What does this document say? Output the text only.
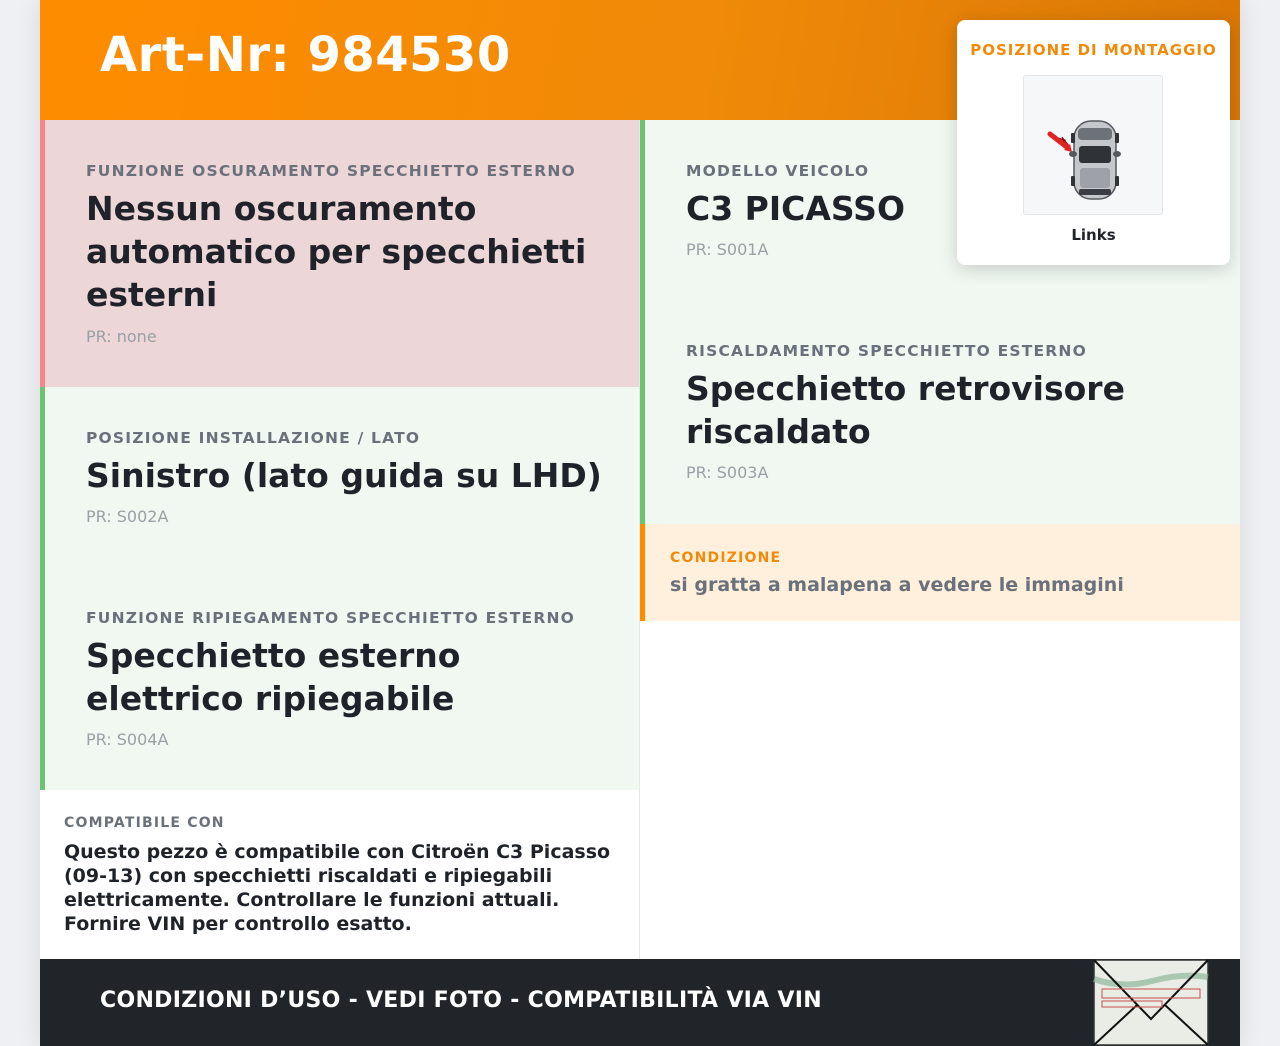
Art-Nr: 984530
FUNZIONE OSCURAMENTO SPECCHIETTO ESTERNO
Nessun oscuramento automatico per specchietti esterni
PR: none
POSIZIONE INSTALLAZIONE / LATO
Sinistro (lato guida su LHD)
PR: S002A
FUNZIONE RIPIEGAMENTO SPECCHIETTO ESTERNO
Specchietto esterno elettrico ripiegabile
PR: S004A
COMPATIBILE CON
Questo pezzo è compatibile con Citroën C3 Picasso (09-13) con specchietti riscaldati e ripiegabili elettricamente. Controllare le funzioni attuali. Fornire VIN per controllo esatto.
MODELLO VEICOLO
C3 PICASSO
PR: S001A
RISCALDAMENTO SPECCHIETTO ESTERNO
Specchietto retrovisore riscaldato
PR: S003A
CONDIZIONE
si gratta a malapena a vedere le immagini
POSIZIONE DI MONTAGGIO
Links
CONDIZIONI D’USO - VEDI FOTO - COMPATIBILITÀ VIA VIN
